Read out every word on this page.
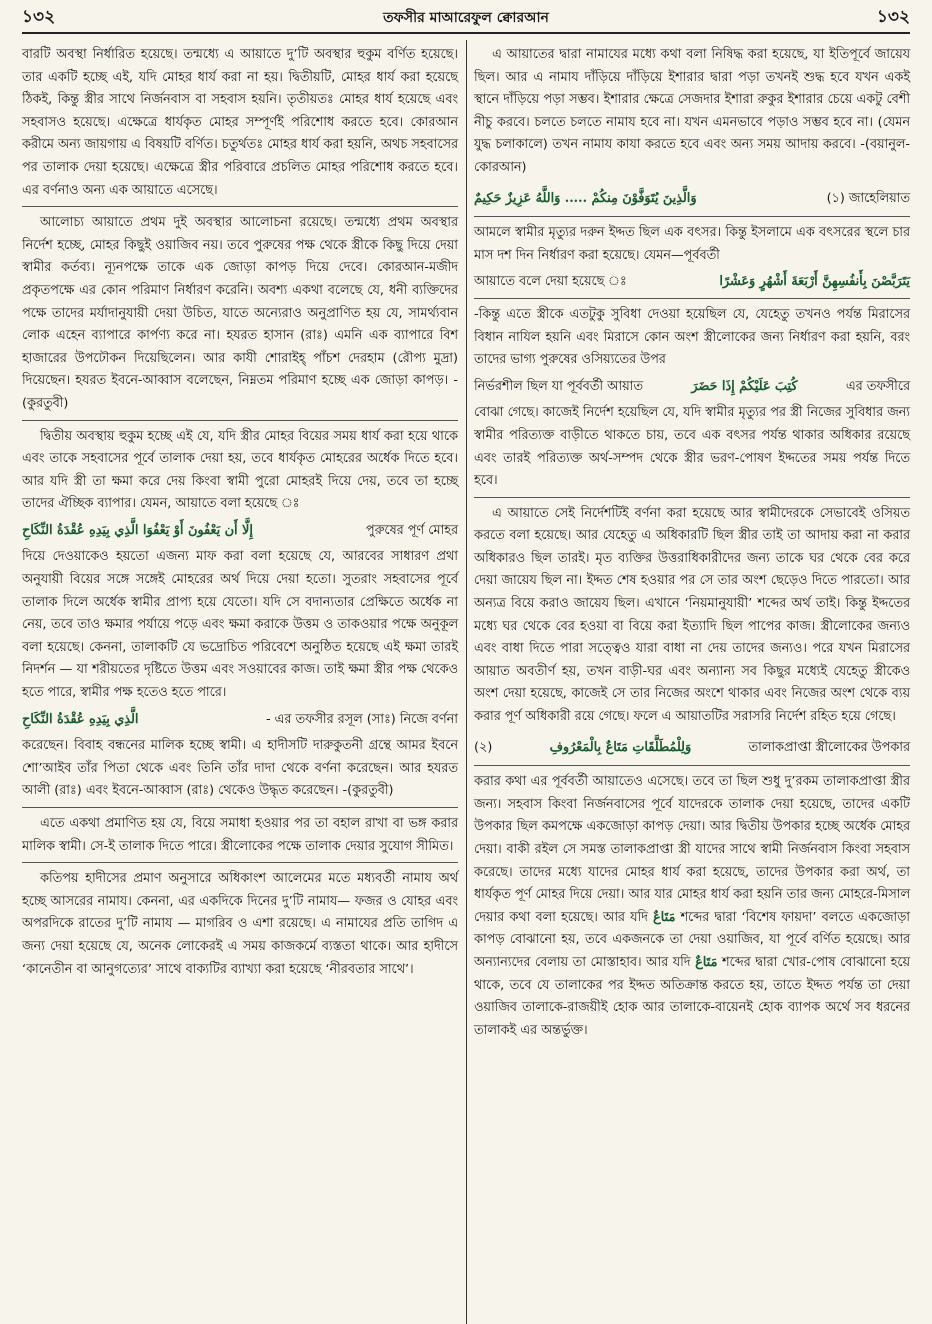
১৩২	তফসীর মাআরেফুল ক্বোরআন	১৩২

বারটি অবস্থা নির্ধারিত হয়েছে। তন্মধ্যে এ আয়াতে দু’টি অবস্থার হুকুম বর্ণিত হয়েছে। তার একটি হচ্ছে এই, যদি মোহর ধার্য করা না হয়। দ্বিতীয়টি, মোহর ধার্য করা হয়েছে ঠিকই, কিন্তু স্ত্রীর সাথে নির্জনবাস বা সহবাস হয়নি। তৃতীয়তঃ মোহর ধার্য হয়েছে এবং সহবাসও হয়েছে। এক্ষেত্রে ধার্যকৃত মোহর সম্পূর্ণই পরিশোধ করতে হবে। কোরআন করীমে অন্য জায়গায় এ বিষয়টি বর্ণিত। চতুর্থতঃ মোহর ধার্য করা হয়নি, অথচ সহবাসের পর তালাক দেয়া হয়েছে। এক্ষেত্রে স্ত্রীর পরিবারে প্রচলিত মোহর পরিশোধ করতে হবে। এর বর্ণনাও অন্য এক আয়াতে এসেছে।

আলোচ্য আয়াতে প্রথম দুই অবস্থার আলোচনা রয়েছে। তন্মধ্যে প্রথম অবস্থার নির্দেশ হচ্ছে, মোহর কিছুই ওয়াজিব নয়। তবে পুরুষের পক্ষ থেকে স্ত্রীকে কিছু দিয়ে দেয়া স্বামীর কর্তব্য। ন্যূনপক্ষে তাকে এক জোড়া কাপড় দিয়ে দেবে। কোরআন-মজীদ প্রকৃতপক্ষে এর কোন পরিমাণ নির্ধারণ করেনি। অবশ্য একথা বলেছে যে, ধনী ব্যক্তিদের পক্ষে তাদের মর্যাদানুযায়ী দেয়া উচিত, যাতে অন্যেরাও অনুপ্রাণিত হয় যে, সামর্থ্যবান লোক এহেন ব্যাপারে কার্পণ্য করে না। হযরত হাসান (রাঃ) এমনি এক ব্যাপারে বিশ হাজারের উপঢৌকন দিয়েছিলেন। আর কাযী শোরাইহ্ পাঁচশ দেরহাম (রৌপ্য মুদ্রা) দিয়েছেন। হযরত ইবনে-আব্বাস বলেছেন, নিম্নতম পরিমাণ হচ্ছে এক জোড়া কাপড়। -(কুরতুবী)

দ্বিতীয় অবস্থায় হুকুম হচ্ছে এই যে, যদি স্ত্রীর মোহর বিয়ের সময় ধার্য করা হয়ে থাকে এবং তাকে সহবাসের পূর্বে তালাক দেয়া হয়, তবে ধার্যকৃত মোহরের অর্ধেক দিতে হবে। আর যদি স্ত্রী তা ক্ষমা করে দেয় কিংবা স্বামী পুরো মোহরই দিয়ে দেয়, তবে তা হচ্ছে তাদের ঐচ্ছিক ব্যাপার। যেমন, আয়াতে বলা হয়েছে ঃ

إِلَّا أَن يَعْفُونَ أَوْ يَعْفُوَا الَّذِي بِيَدِهِ عُقْدَةُ النِّكَاحِ	পুরুষের পূর্ণ মোহর

দিয়ে দেওয়াকেও হয়তো এজন্য মাফ করা বলা হয়েছে যে, আরবের সাধারণ প্রথা অনুযায়ী বিয়ের সঙ্গে সঙ্গেই মোহরের অর্থ দিয়ে দেয়া হতো। সুতরাং সহবাসের পূর্বে তালাক দিলে অর্ধেক স্বামীর প্রাপ্য হয়ে যেতো। যদি সে বদান্যতার প্রেক্ষিতে অর্ধেক না নেয়, তবে তাও ক্ষমার পর্যায়ে পড়ে এবং ক্ষমা করাকে উত্তম ও তাকওয়ার পক্ষে অনুকূল বলা হয়েছে। কেননা, তালাকটি যে ভদ্রোচিত পরিবেশে অনুষ্ঠিত হয়েছে এই ক্ষমা তারই নিদর্শন — যা শরীয়তের দৃষ্টিতে উত্তম এবং সওয়াবের কাজ। তাই ক্ষমা স্ত্রীর পক্ষ থেকেও হতে পারে, স্বামীর পক্ষ হতেও হতে পারে।

الَّذِي بِيَدِهِ عُقْدَةُ النِّكَاحِ	- এর তফসীর রসূল (সাঃ) নিজে বর্ণনা

করেছেন। বিবাহ বন্ধনের মালিক হচ্ছে স্বামী। এ হাদীসটি দারুকুতনী গ্রন্থে আমর ইবনে শো’আইব তাঁর পিতা থেকে এবং তিনি তাঁর দাদা থেকে বর্ণনা করেছেন। আর হযরত আলী (রাঃ) এবং ইবনে-আব্বাস (রাঃ) থেকেও উদ্ধৃত করেছেন। -(কুরতুবী)

এতে একথা প্রমাণিত হয় যে, বিয়ে সমাধা হওয়ার পর তা বহাল রাখা বা ভঙ্গ করার মালিক স্বামী। সে-ই তালাক দিতে পারে। স্ত্রীলোকের পক্ষে তালাক দেয়ার সুযোগ সীমিত।

কতিপয় হাদীসের প্রমাণ অনুসারে অধিকাংশ আলেমের মতে মধ্যবর্তী নামায অর্থ হচ্ছে আসরের নামায। কেননা, এর একদিকে দিনের দু’টি নামায— ফজর ও যোহর এবং অপরদিকে রাতের দু’টি নামায — মাগরিব ও এশা রয়েছে। এ নামাযের প্রতি তাগিদ এ জন্য দেয়া হয়েছে যে, অনেক লোকেরই এ সময় কাজকর্মে ব্যস্ততা থাকে। আর হাদীসে ‘কানেতীন বা আনুগত্যের’ সাথে বাক্যটির ব্যাখ্যা করা হয়েছে ‘নীরবতার সাথে’।

এ আয়াতের দ্বারা নামাযের মধ্যে কথা বলা নিষিদ্ধ করা হয়েছে, যা ইতিপূর্বে জায়েয ছিল। আর এ নামায দাঁড়িয়ে দাঁড়িয়ে ইশারার দ্বারা পড়া তখনই শুদ্ধ হবে যখন একই স্থানে দাঁড়িয়ে পড়া সম্ভব। ইশারার ক্ষেত্রে সেজদার ইশারা রুকুর ইশারার চেয়ে একটু বেশী নীচু করবে। চলতে চলতে নামায হবে না। যখন এমনভাবে পড়াও সম্ভব হবে না। (যেমন যুদ্ধ চলাকালে) তখন নামায কাযা করতে হবে এবং অন্য সময় আদায় করবে। -(বয়ানুল-কোরআন)

وَالَّذِينَ يُتَوَفَّوْنَ مِنكُمْ ..... وَاللَّهُ عَزِيزٌ حَكِيمٌ	(১) জাহেলিয়াত

আমলে স্বামীর মৃত্যুর দরুন ইদ্দত ছিল এক বৎসর। কিন্তু ইসলামে এক বৎসরের স্থলে চার মাস দশ দিন নির্ধারণ করা হয়েছে। যেমন—পূর্ববর্তী

আয়াতে বলে দেয়া হয়েছে ঃ	يَتَرَبَّصْنَ بِأَنفُسِهِنَّ أَرْبَعَةَ أَشْهُرٍ وَعَشْرًا

-কিন্তু এতে স্ত্রীকে এতটুকু সুবিধা দেওয়া হয়েছিল যে, যেহেতু তখনও পর্যন্ত মিরাসের বিধান নাযিল হয়নি এবং মিরাসে কোন অংশ স্ত্রীলোকের জন্য নির্ধারণ করা হয়নি, বরং তাদের ভাগ্য পুরুষের ওসিয়্যতের উপর

নির্ভরশীল ছিল যা পূর্ববর্তী আয়াত	كُتِبَ عَلَيْكُمْ إِذَا حَضَرَ	এর তফসীরে

বোঝা গেছে। কাজেই নির্দেশ হয়েছিল যে, যদি স্বামীর মৃত্যুর পর স্ত্রী নিজের সুবিধার জন্য স্বামীর পরিত্যক্ত বাড়ীতে থাকতে চায়, তবে এক বৎসর পর্যন্ত থাকার অধিকার রয়েছে এবং তারই পরিত্যক্ত অর্থ-সম্পদ থেকে স্ত্রীর ভরণ-পোষণ ইদ্দতের সময় পর্যন্ত দিতে হবে।

এ আয়াতে সেই নির্দেশটিই বর্ণনা করা হয়েছে আর স্বামীদেরকে সেভাবেই ওসিয়ত করতে বলা হয়েছে। আর যেহেতু এ অধিকারটি ছিল স্ত্রীর তাই তা আদায় করা না করার অধিকারও ছিল তারই। মৃত ব্যক্তির উত্তরাধিকারীদের জন্য তাকে ঘর থেকে বের করে দেয়া জায়েয ছিল না। ইদ্দত শেষ হওয়ার পর সে তার অংশ ছেড়েও দিতে পারতো। আর অন্যত্র বিয়ে করাও জায়েয ছিল। এখানে ‘নিয়মানুযায়ী’ শব্দের অর্থ তাই। কিন্তু ইদ্দতের মধ্যে ঘর থেকে বের হওয়া বা বিয়ে করা ইত্যাদি ছিল পাপের কাজ। স্ত্রীলোকের জন্যও এবং বাধা দিতে পারা সত্ত্বেও যারা বাধা না দেয় তাদের জন্যও। পরে যখন মিরাসের আয়াত অবতীর্ণ হয়, তখন বাড়ী-ঘর এবং অন্যান্য সব কিছুর মধ্যেই যেহেতু স্ত্রীকেও অংশ দেয়া হয়েছে, কাজেই সে তার নিজের অংশে থাকার এবং নিজের অংশ থেকে ব্যয় করার পূর্ণ অধিকারী রয়ে গেছে। ফলে এ আয়াতটির সরাসরি নির্দেশ রহিত হয়ে গেছে।

(২)	وَلِلْمُطَلَّقَاتِ مَتَاعٌ بِالْمَعْرُوفِ	তালাকপ্রাপ্তা স্ত্রীলোকের উপকার

করার কথা এর পূর্ববর্তী আয়াতেও এসেছে। তবে তা ছিল শুধু দু’রকম তালাকপ্রাপ্তা স্ত্রীর জন্য। সহবাস কিংবা নির্জনবাসের পূর্বে যাদেরকে তালাক দেয়া হয়েছে, তাদের একটি উপকার ছিল কমপক্ষে একজোড়া কাপড় দেয়া। আর দ্বিতীয় উপকার হচ্ছে অর্ধেক মোহর দেয়া। বাকী রইল সে সমস্ত তালাকপ্রাপ্তা স্ত্রী যাদের সাথে স্বামী নির্জনবাস কিংবা সহবাস করেছে। তাদের মধ্যে যাদের মোহর ধার্য করা হয়েছে, তাদের উপকার করা অর্থ, তা ধার্যকৃত পূর্ণ মোহর দিয়ে দেয়া। আর যার মোহর ধার্য করা হয়নি তার জন্য মোহরে-মিসাল দেয়ার কথা বলা হয়েছে। আর যদি مَتَاعٌ শব্দের দ্বারা ‘বিশেষ ফায়দা’ বলতে একজোড়া কাপড় বোঝানো হয়, তবে একজনকে তা দেয়া ওয়াজিব, যা পূর্বে বর্ণিত হয়েছে। আর অন্যান্যদের বেলায় তা মোস্তাহাব। আর যদি مَتَاعٌ শব্দের দ্বারা খোর-পোষ বোঝানো হয়ে থাকে, তবে যে তালাকের পর ইদ্দত অতিক্রান্ত করতে হয়, তাতে ইদ্দত পর্যন্ত তা দেয়া ওয়াজিব তালাকে-রাজয়ীই হোক আর তালাকে-বায়েনই হোক ব্যাপক অর্থে সব ধরনের তালাকই এর অন্তর্ভুক্ত।
